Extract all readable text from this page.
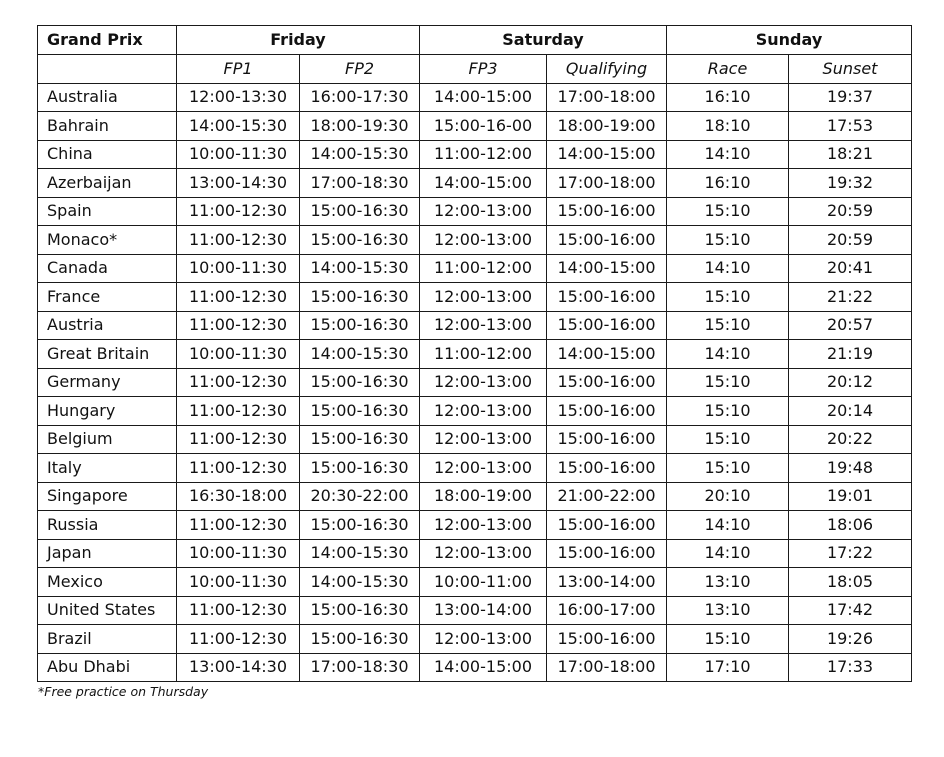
Grand Prix	Friday		Saturday		Sunday	
	FP1	FP2	FP3	Qualifying	Race	Sunset
Australia	12:00-13:30	16:00-17:30	14:00-15:00	17:00-18:00	16:10	19:37
Bahrain	14:00-15:30	18:00-19:30	15:00-16-00	18:00-19:00	18:10	17:53
China	10:00-11:30	14:00-15:30	11:00-12:00	14:00-15:00	14:10	18:21
Azerbaijan	13:00-14:30	17:00-18:30	14:00-15:00	17:00-18:00	16:10	19:32
Spain	11:00-12:30	15:00-16:30	12:00-13:00	15:00-16:00	15:10	20:59
Monaco*	11:00-12:30	15:00-16:30	12:00-13:00	15:00-16:00	15:10	20:59
Canada	10:00-11:30	14:00-15:30	11:00-12:00	14:00-15:00	14:10	20:41
France	11:00-12:30	15:00-16:30	12:00-13:00	15:00-16:00	15:10	21:22
Austria	11:00-12:30	15:00-16:30	12:00-13:00	15:00-16:00	15:10	20:57
Great Britain	10:00-11:30	14:00-15:30	11:00-12:00	14:00-15:00	14:10	21:19
Germany	11:00-12:30	15:00-16:30	12:00-13:00	15:00-16:00	15:10	20:12
Hungary	11:00-12:30	15:00-16:30	12:00-13:00	15:00-16:00	15:10	20:14
Belgium	11:00-12:30	15:00-16:30	12:00-13:00	15:00-16:00	15:10	20:22
Italy	11:00-12:30	15:00-16:30	12:00-13:00	15:00-16:00	15:10	19:48
Singapore	16:30-18:00	20:30-22:00	18:00-19:00	21:00-22:00	20:10	19:01
Russia	11:00-12:30	15:00-16:30	12:00-13:00	15:00-16:00	14:10	18:06
Japan	10:00-11:30	14:00-15:30	12:00-13:00	15:00-16:00	14:10	17:22
Mexico	10:00-11:30	14:00-15:30	10:00-11:00	13:00-14:00	13:10	18:05
United States	11:00-12:30	15:00-16:30	13:00-14:00	16:00-17:00	13:10	17:42
Brazil	11:00-12:30	15:00-16:30	12:00-13:00	15:00-16:00	15:10	19:26
Abu Dhabi	13:00-14:30	17:00-18:30	14:00-15:00	17:00-18:00	17:10	17:33
*Free practice on Thursday
